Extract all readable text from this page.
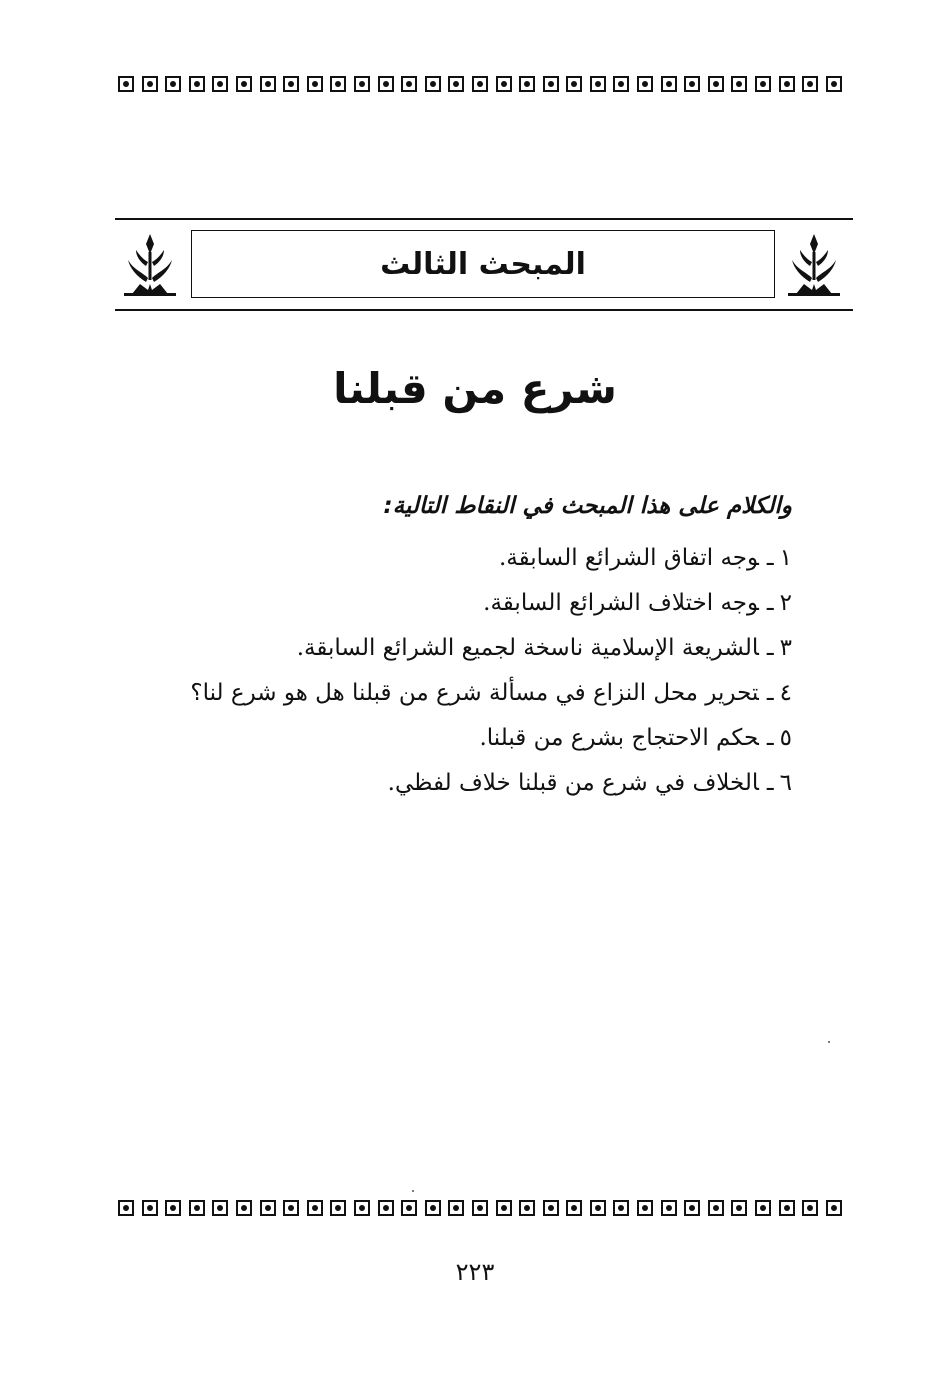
المبحث الثالث
شرع من قبلنا

والكلام على هذا المبحث في النقاط التالية:

١ـوجه اتفاق الشرائع السابقة.
٢ـوجه اختلاف الشرائع السابقة.
٣ـالشريعة الإسلامية ناسخة لجميع الشرائع السابقة.
٤ـتحرير محل النزاع في مسألة شرع من قبلنا هل هو شرع لنا؟
٥ـحكم الاحتجاج بشرع من قبلنا.
٦ـالخلاف في شرع من قبلنا خلاف لفظي.
٢٢٣
